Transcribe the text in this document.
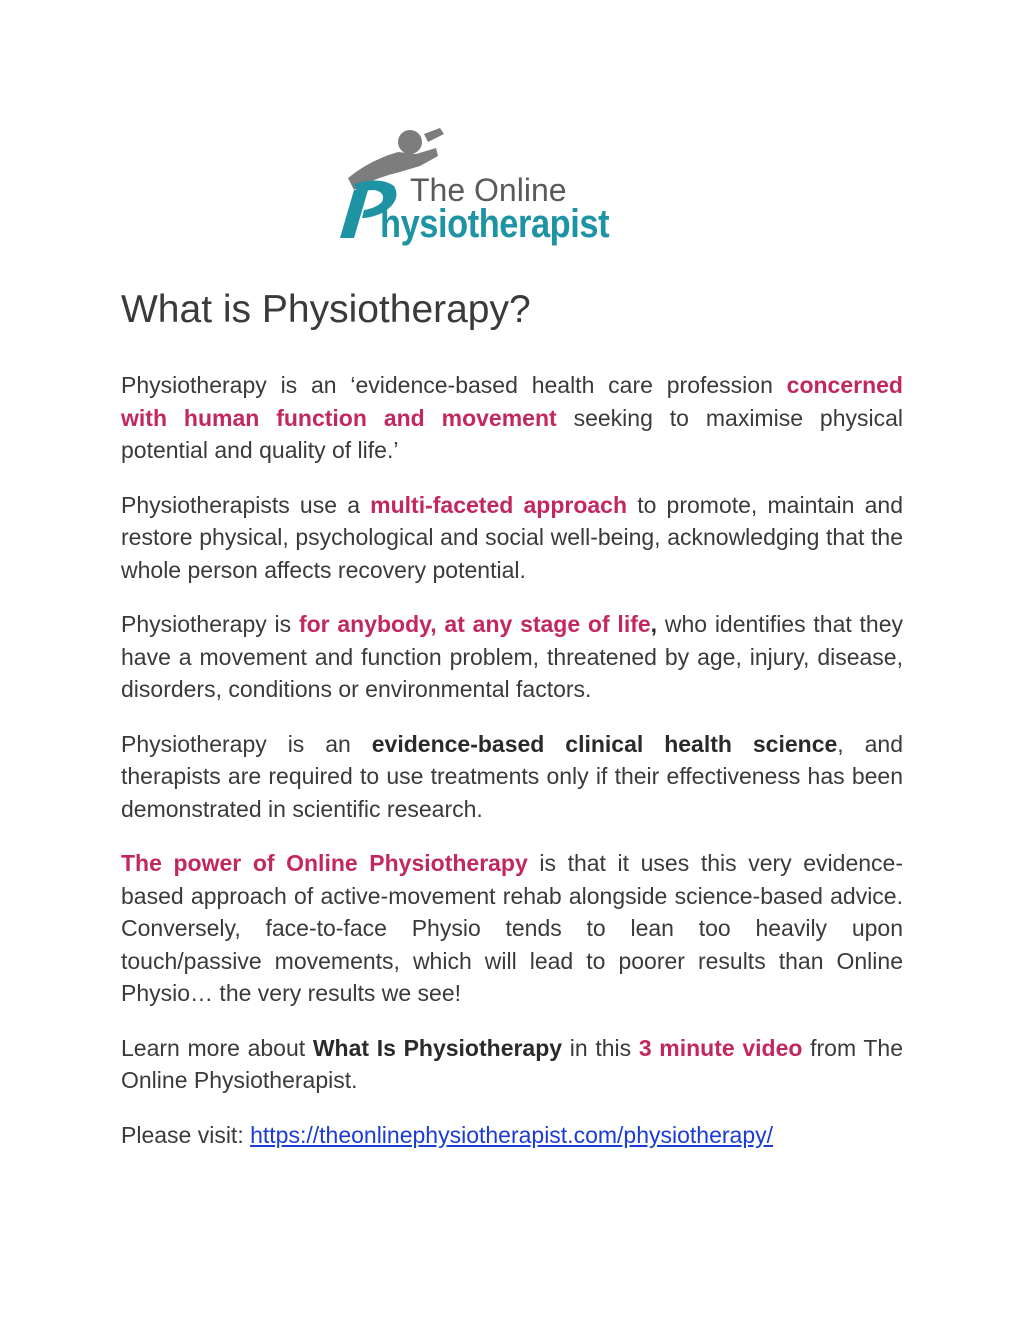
The Online
hysiotherapist
What is Physiotherapy?

Physiotherapy is an ‘evidence-based health care profession concerned with human function and movement seeking to maximise physical potential and quality of life.’

Physiotherapists use a multi-faceted approach to promote, maintain and restore physical, psychological and social well-being, acknowledging that the whole person affects recovery potential.

Physiotherapy is for anybody, at any stage of life, who identifies that they have a movement and function problem, threatened by age, injury, disease, disorders, conditions or environmental factors.

Physiotherapy is an evidence-based clinical health science, and therapists are required to use treatments only if their effectiveness has been demonstrated in scientific research.

The power of Online Physiotherapy is that it uses this very evidence-based approach of active-movement rehab alongside science-based advice. Conversely, face-to-face Physio tends to lean too heavily upon touch/passive movements, which will lead to poorer results than Online Physio… the very results we see!

Learn more about What Is Physiotherapy in this 3 minute video from The Online Physiotherapist.

Please visit: https://theonlinephysiotherapist.com/physiotherapy/
